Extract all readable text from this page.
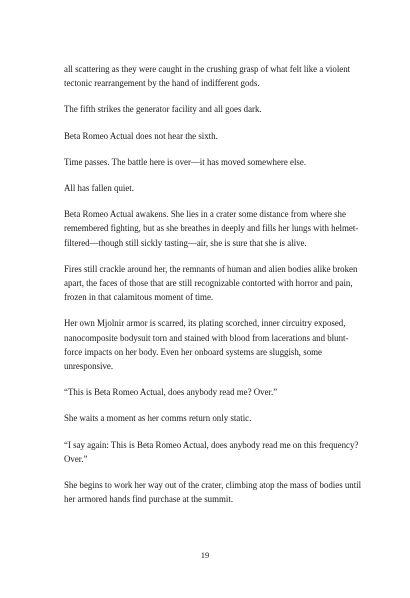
all scattering as they were caught in the crushing grasp of what felt like a violent tectonic rearrangement by the hand of indifferent gods.

The fifth strikes the generator facility and all goes dark.

Beta Romeo Actual does not hear the sixth.

Time passes. The battle here is over—it has moved somewhere else.

All has fallen quiet.

Beta Romeo Actual awakens. She lies in a crater some distance from where she remembered fighting, but as she breathes in deeply and fills her lungs with helmet-filtered—though still sickly tasting—air, she is sure that she is alive.

Fires still crackle around her, the remnants of human and alien bodies alike broken apart, the faces of those that are still recognizable contorted with horror and pain, frozen in that calamitous moment of time.

Her own Mjolnir armor is scarred, its plating scorched, inner circuitry exposed, nanocomposite bodysuit torn and stained with blood from lacerations and blunt-force impacts on her body. Even her onboard systems are sluggish, some unresponsive.

“This is Beta Romeo Actual, does anybody read me? Over.”

She waits a moment as her comms return only static.

“I say again: This is Beta Romeo Actual, does anybody read me on this frequency? Over.”

She begins to work her way out of the crater, climbing atop the mass of bodies until her armored hands find purchase at the summit.

19
